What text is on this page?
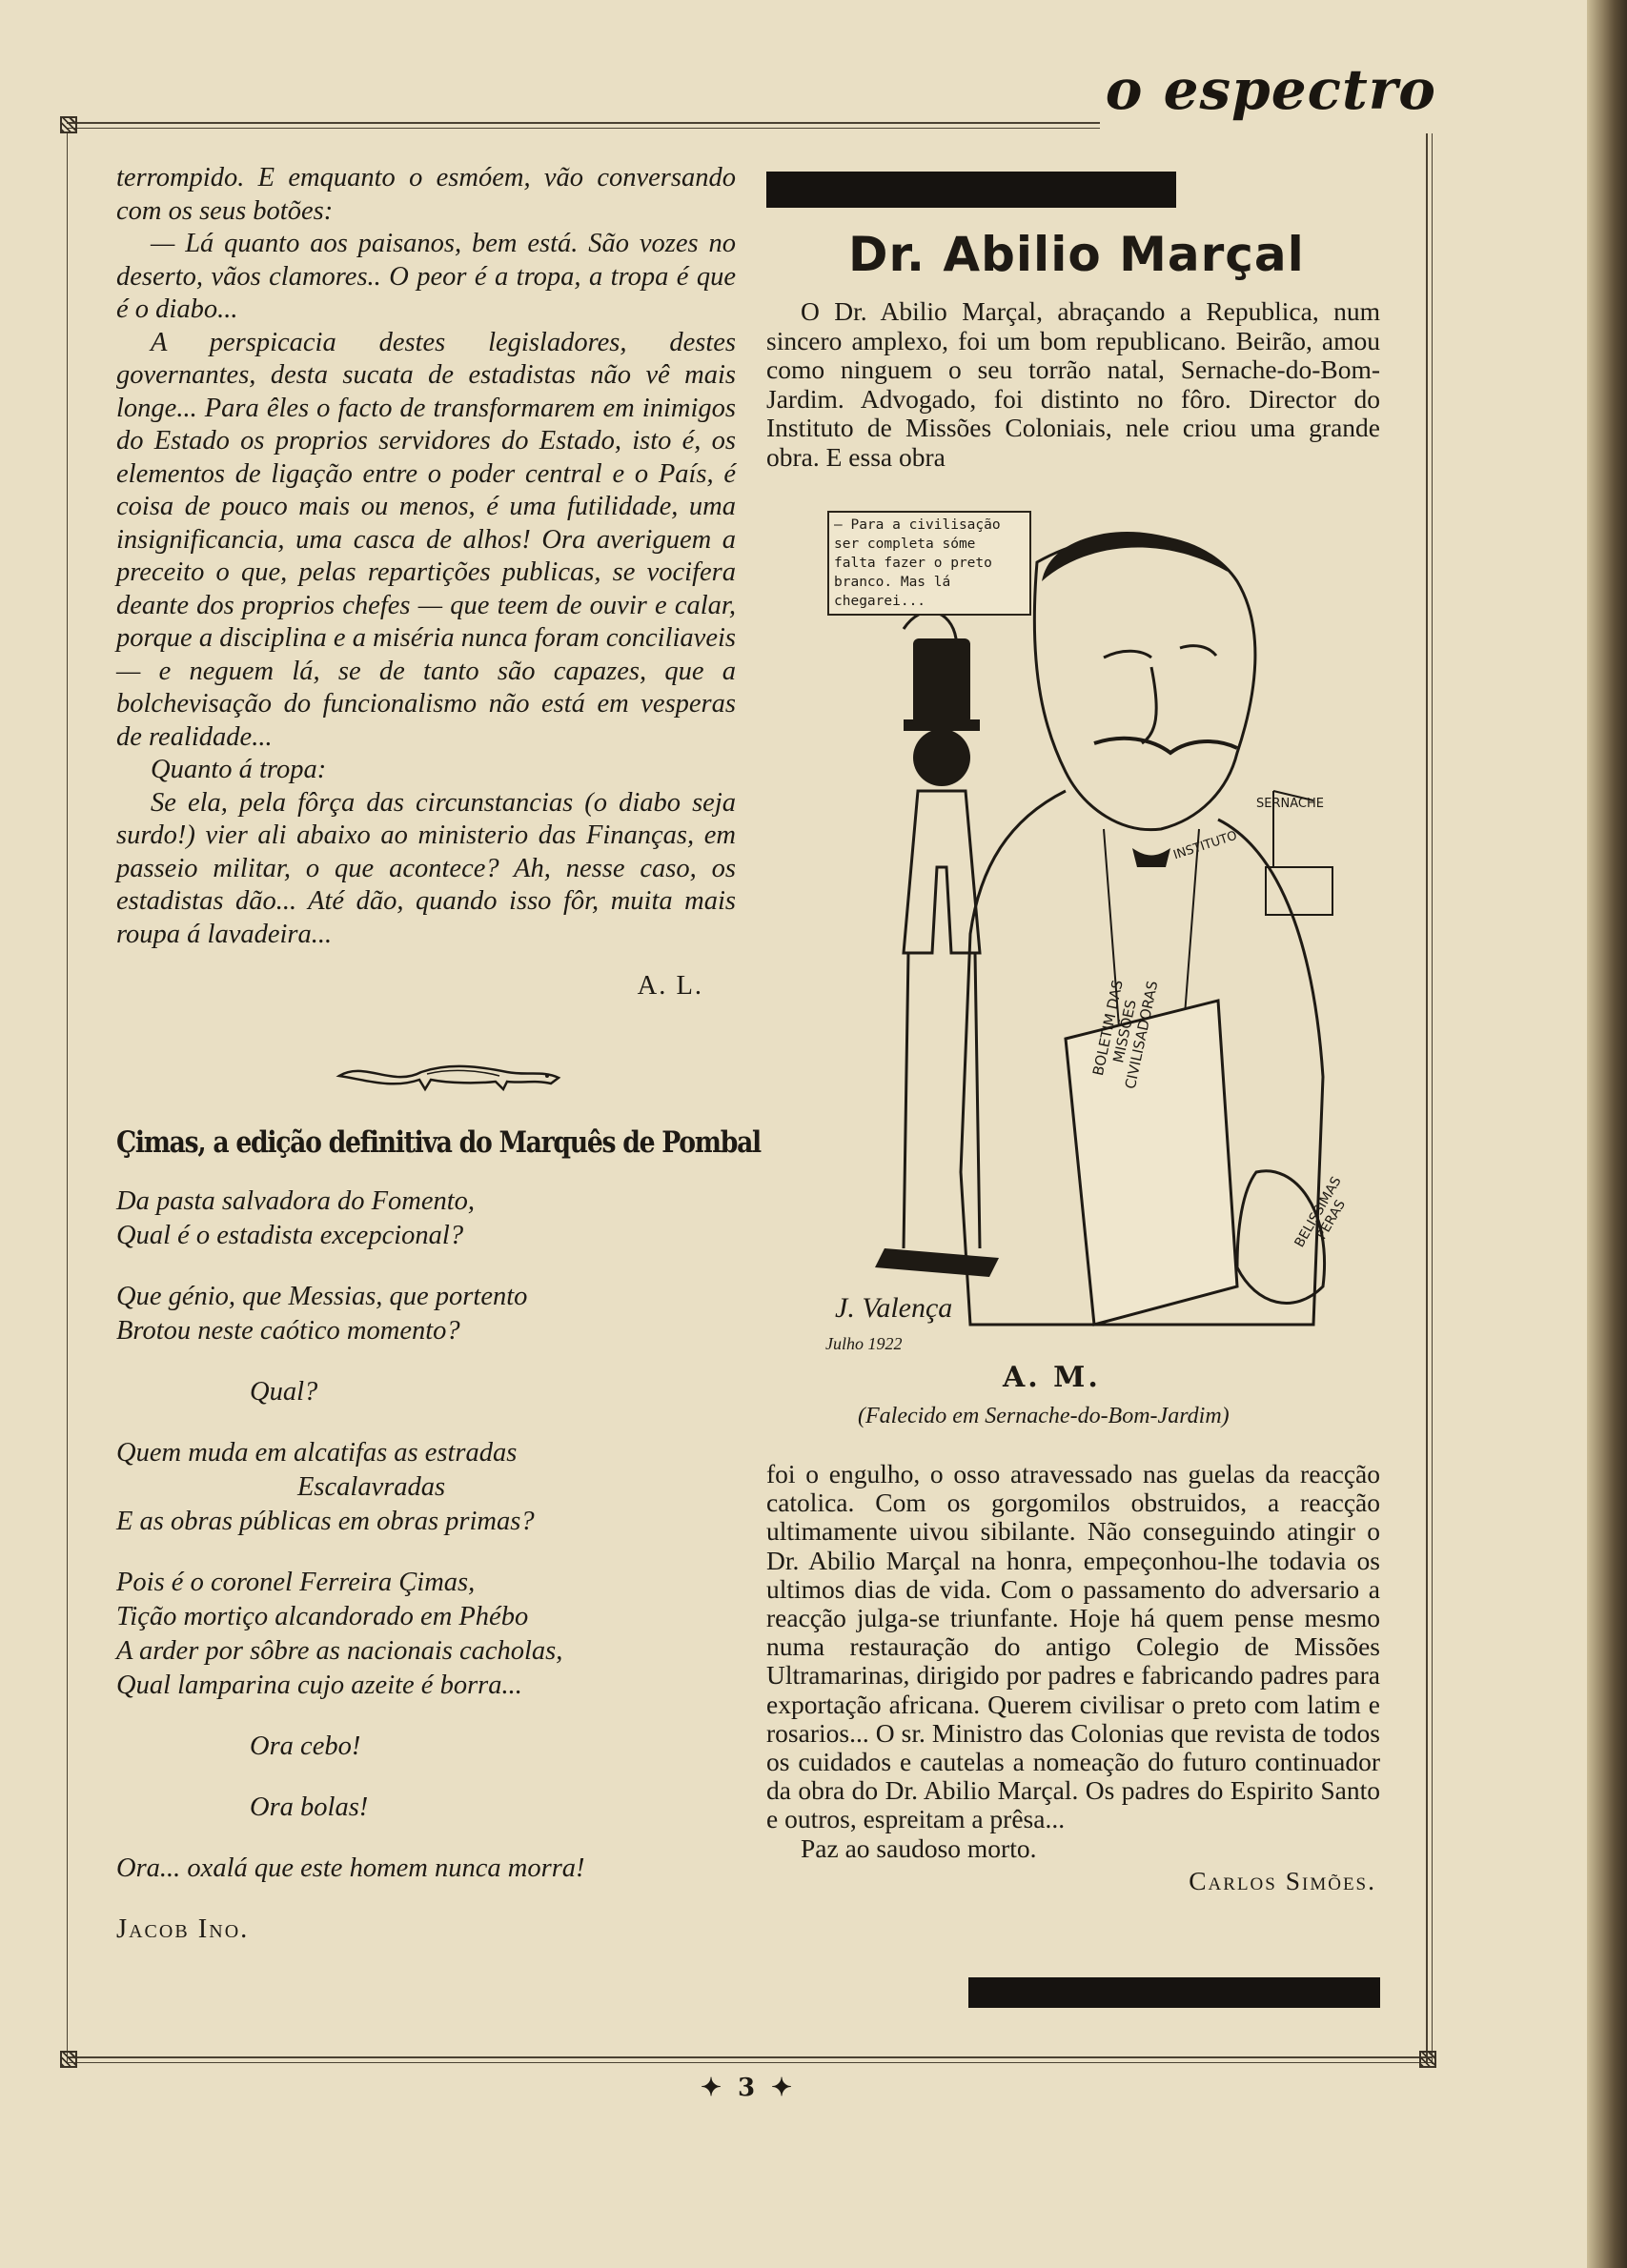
o espectro

terrompido. E emquanto o esmóem, vão conversando com os seus botões:

— Lá quanto aos paisanos, bem está. São vozes no deserto, vãos clamores.. O peor é a tropa, a tropa é que é o diabo...

A perspicacia destes legisladores, destes governantes, desta sucata de estadistas não vê mais longe... Para êles o facto de transformarem em inimigos do Estado os proprios servidores do Estado, isto é, os elementos de ligação entre o poder central e o País, é coisa de pouco mais ou menos, é uma futilidade, uma insignificancia, uma casca de alhos! Ora averiguem a preceito o que, pelas repartições publicas, se vocifera deante dos proprios chefes — que teem de ouvir e calar, porque a disciplina e a miséria nunca foram conciliaveis — e neguem lá, se de tanto são capazes, que a bolchevisação do funcionalismo não está em vesperas de realidade...

Quanto á tropa:

Se ela, pela fôrça das circunstancias (o diabo seja surdo!) vier ali abaixo ao ministerio das Finanças, em passeio militar, o que acontece? Ah, nesse caso, os estadistas dão... Até dão, quando isso fôr, muita mais roupa á lavadeira...

A. L.

Çimas, a edição definitiva do Marquês de Pombal

Da pasta salvadora do Fomento,

Qual é o estadista excepcional?

Que génio, que Messias, que portento

Brotou neste caótico momento?

Qual?

Quem muda em alcatifas as estradas

Escalavradas

E as obras públicas em obras primas?

Pois é o coronel Ferreira Çimas,

Tição mortiço alcandorado em Phébo

A arder por sôbre as nacionais cacholas,

Qual lamparina cujo azeite é borra...

Ora cebo!

Ora bolas!

Ora... oxalá que este homem nunca morra!

Jacob Ino.

Dr. Abilio Marçal

O Dr. Abilio Marçal, abraçando a Republica, num sincero amplexo, foi um bom republicano. Beirão, amou como ninguem o seu torrão natal, Sernache-do-Bom-Jardim. Advogado, foi distinto no fôro. Director do Instituto de Missões Coloniais, nele criou uma grande obra. E essa obra

— Para a civilisação ser completa sóme falta fazer o preto branco. Mas lá chegarei...
BOLETIM DAS MISSÕES CIVILISADORAS
BELISSIMAS PERAS
INSTITUTO
SERNACHE
J. Valença
Julho 1922
A. M.
(Falecido em Sernache-do-Bom-Jardim)

foi o engulho, o osso atravessado nas guelas da reacção catolica. Com os gorgomilos obstruidos, a reacção ultimamente uivou sibilante. Não conseguindo atingir o Dr. Abilio Marçal na honra, empeçonhou-lhe todavia os ultimos dias de vida. Com o passamento do adversario a reacção julga-se triunfante. Hoje há quem pense mesmo numa restauração do antigo Colegio de Missões Ultramarinas, dirigido por padres e fabricando padres para exportação africana. Querem civilisar o preto com latim e rosarios... O sr. Ministro das Colonias que revista de todos os cuidados e cautelas a nomeação do futuro continuador da obra do Dr. Abilio Marçal. Os padres do Espirito Santo e outros, espreitam a prêsa...

Paz ao saudoso morto.

Carlos Simões.

✦ 3 ✦
